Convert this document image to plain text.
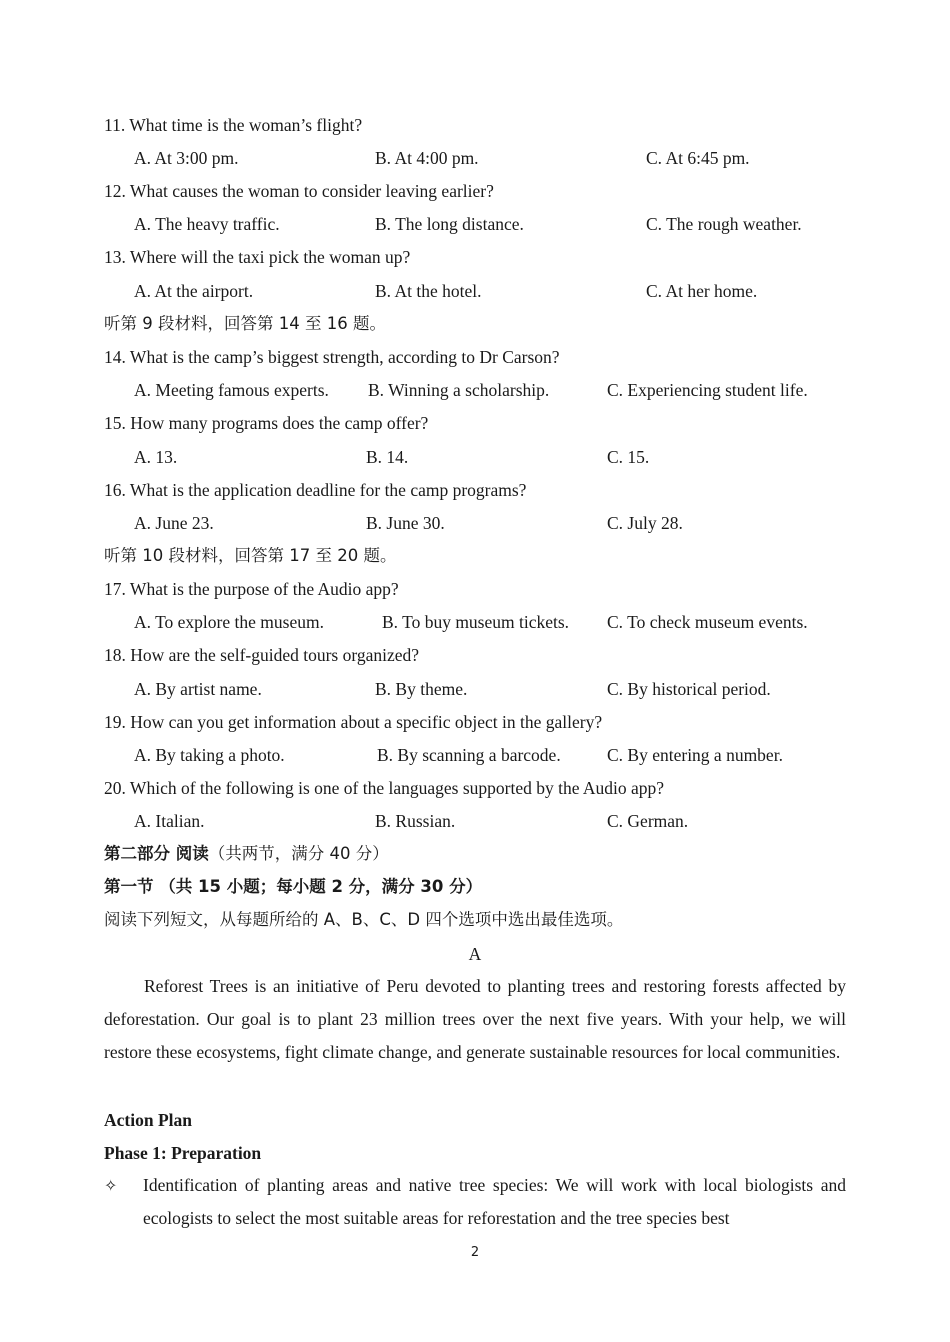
11. What time is the woman’s flight?
A. At 3:00 pm.	B. At 4:00 pm.	C. At 6:45 pm.
12. What causes the woman to consider leaving earlier?
A. The heavy traffic.	B. The long distance.	C. The rough weather.
13. Where will the taxi pick the woman up?
A. At the airport.	B. At the hotel.	C. At her home.
听第 9 段材料，回答第 14 至 16 题。
14. What is the camp’s biggest strength, according to Dr Carson?
A. Meeting famous experts. B. Winning a scholarship.	C. Experiencing student life.
15. How many programs does the camp offer?
A. 13.	B. 14.	C. 15.
16. What is the application deadline for the camp programs?
A. June 23.	B. June 30.	C. July 28.
听第 10 段材料，回答第 17 至 20 题。
17. What is the purpose of the Audio app?
A. To explore the museum.	B. To buy museum tickets. C. To check museum events.
18. How are the self-guided tours organized?
A. By artist name.	B. By theme.	C. By historical period.
19. How can you get information about a specific object in the gallery?
A. By taking a photo.	B. By scanning a barcode.	C. By entering a number.
20. Which of the following is one of the languages supported by the Audio app?
A. Italian.	B. Russian.	C. German.
第二部分 阅读（共两节，满分 40 分）
第一节 （共 15 小题；每小题 2 分，满分 30 分）
阅读下列短文，从每题所给的 A、B、C、D 四个选项中选出最佳选项。
A
Reforest Trees is an initiative of Peru devoted to planting trees and restoring forests affected by deforestation. Our goal is to plant 23 million trees over the next five years. With your help, we will restore these ecosystems, fight climate change, and generate sustainable resources for local communities.
Action Plan
Phase 1: Preparation
✧ Identification of planting areas and native tree species: We will work with local biologists and ecologists to select the most suitable areas for reforestation and the tree species best
2
